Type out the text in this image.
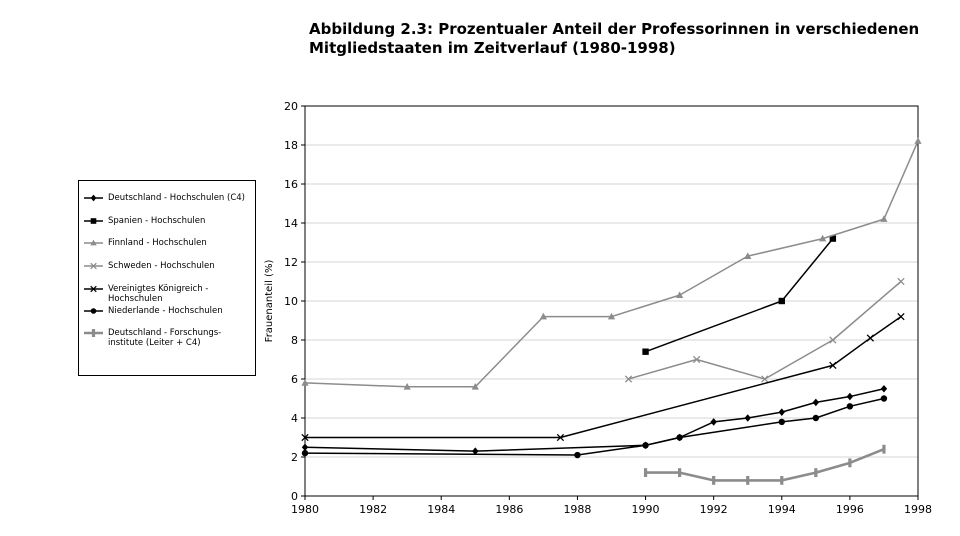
Abbildung 2.3: Prozentualer Anteil der Professorinnen in verschiedenen
Mitgliedstaaten im Zeitverlauf (1980-1998)
0
2
4
6
8
10
12
14
16
18
20
1980	1982	1984	1986	1988	1990	1992	1994	1996	1998
Frauenanteil (%)
Deutschland - Hochschulen (C4)
Spanien - Hochschulen
Finnland - Hochschulen
Schweden - Hochschulen
Vereinigtes Königreich -
Hochschulen
Niederlande - Hochschulen
Deutschland - Forschungs-
institute (Leiter + C4)
